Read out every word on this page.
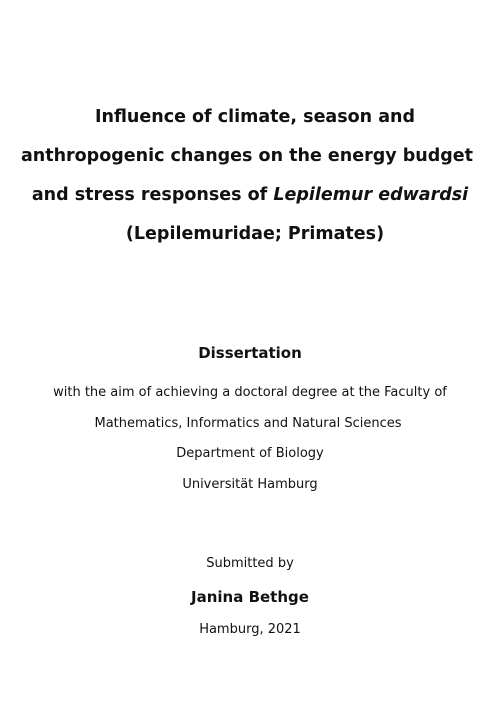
Influence of climate, season and
anthropogenic changes on the energy budget
and stress responses of Lepilemur edwardsi
(Lepilemuridae; Primates)
Dissertation
with the aim of achieving a doctoral degree at the Faculty of
Mathematics, Informatics and Natural Sciences
Department of Biology
Universität Hamburg
Submitted by
Janina Bethge
Hamburg, 2021
